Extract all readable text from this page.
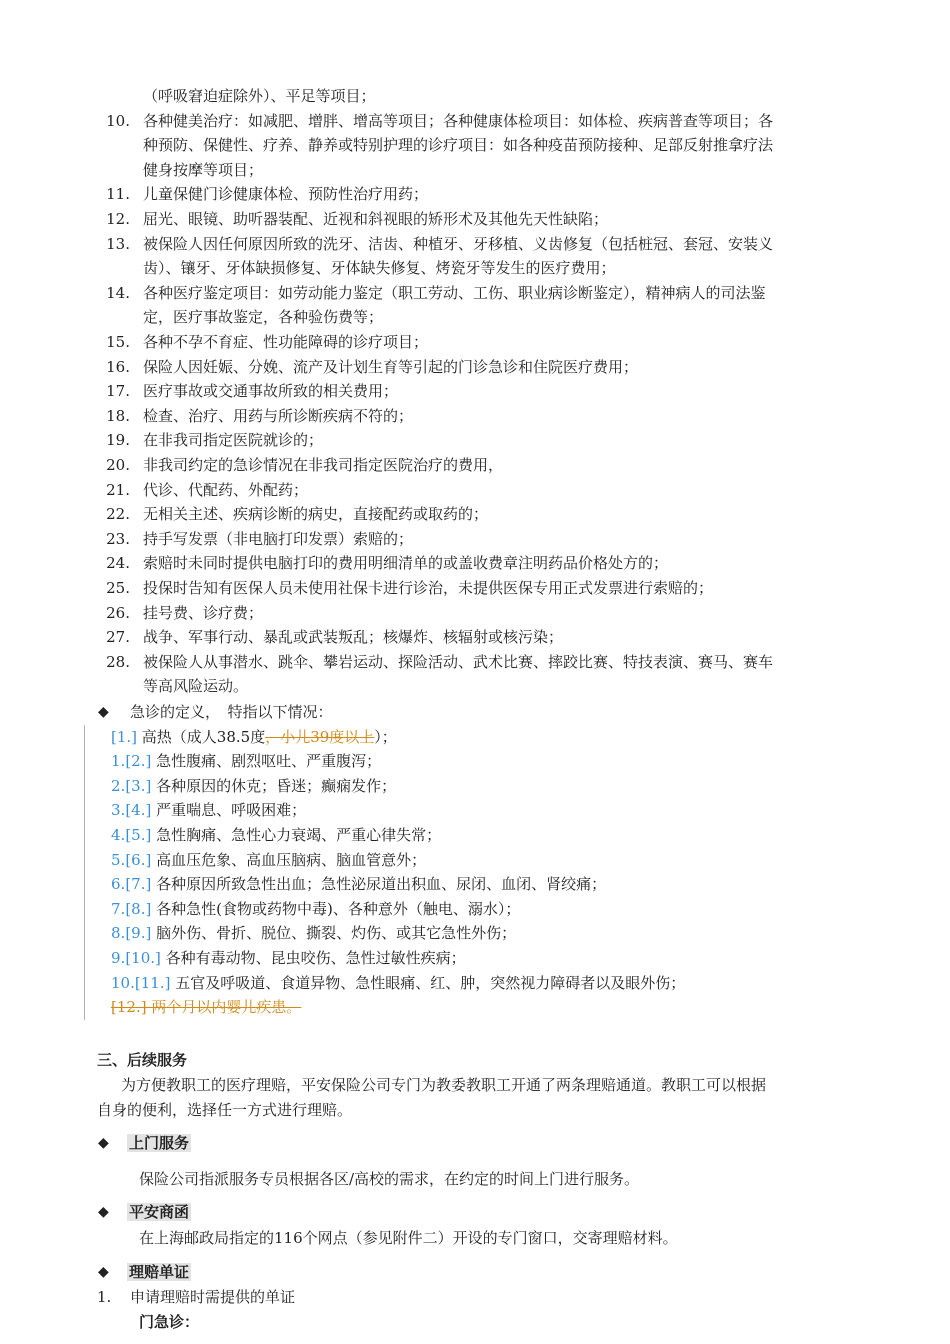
（呼吸窘迫症除外）、平足等项目；
10. 各种健美治疗：如减肥、增胖、增高等项目；各种健康体检项目：如体检、疾病普查等项目；各
种预防、保健性、疗养、静养或特别护理的诊疗项目：如各种疫苗预防接种、足部反射推拿疗法
健身按摩等项目；
11. 儿童保健门诊健康体检、预防性治疗用药；
12. 屈光、眼镜、助听器装配、近视和斜视眼的矫形术及其他先天性缺陷；
13. 被保险人因任何原因所致的洗牙、洁齿、种植牙、牙移植、义齿修复（包括桩冠、套冠、安装义
齿）、镶牙、牙体缺损修复、牙体缺失修复、烤瓷牙等发生的医疗费用；
14. 各种医疗鉴定项目：如劳动能力鉴定（职工劳动、工伤、职业病诊断鉴定），精神病人的司法鉴
定，医疗事故鉴定，各种验伤费等；
15. 各种不孕不育症、性功能障碍的诊疗项目；
16. 保险人因妊娠、分娩、流产及计划生育等引起的门诊急诊和住院医疗费用；
17. 医疗事故或交通事故所致的相关费用；
18. 检查、治疗、用药与所诊断疾病不符的；
19. 在非我司指定医院就诊的；
20. 非我司约定的急诊情况在非我司指定医院治疗的费用，
21. 代诊、代配药、外配药；
22. 无相关主述、疾病诊断的病史，直接配药或取药的；
23. 持手写发票（非电脑打印发票）索赔的；
24. 索赔时未同时提供电脑打印的费用明细清单的或盖收费章注明药品价格处方的；
25. 投保时告知有医保人员未使用社保卡进行诊治，未提供医保专用正式发票进行索赔的；
26. 挂号费、诊疗费；
27. 战争、军事行动、暴乱或武装叛乱；核爆炸、核辐射或核污染；
28. 被保险人从事潜水、跳伞、攀岩运动、探险活动、武术比赛、摔跤比赛、特技表演、赛马、赛车
等高风险运动。
◆ 急诊的定义，　特指以下情况：
[1.] 高热（成人38.5度，小儿39度以上）；
1.[2.] 急性腹痛、剧烈呕吐、严重腹泻；
2.[3.] 各种原因的休克；昏迷；癫痫发作；
3.[4.] 严重喘息、呼吸困难；
4.[5.] 急性胸痛、急性心力衰竭、严重心律失常；
5.[6.] 高血压危象、高血压脑病、脑血管意外；
6.[7.] 各种原因所致急性出血；急性泌尿道出积血、尿闭、血闭、肾绞痛；
7.[8.] 各种急性(食物或药物中毒)、各种意外（触电、溺水）；
8.[9.] 脑外伤、骨折、脱位、撕裂、灼伤、或其它急性外伤；
9.[10.] 各种有毒动物、昆虫咬伤、急性过敏性疾病；
10.[11.] 五官及呼吸道、食道异物、急性眼痛、红、肿，突然视力障碍者以及眼外伤；
[12.] 两个月以内婴儿疾患。
三、后续服务
为方便教职工的医疗理赔，平安保险公司专门为教委教职工开通了两条理赔通道。教职工可以根据
自身的便利，选择任一方式进行理赔。
◆ 上门服务
保险公司指派服务专员根据各区/高校的需求，在约定的时间上门进行服务。
◆ 平安商函
在上海邮政局指定的116个网点（参见附件二）开设的专门窗口，交寄理赔材料。
◆ 理赔单证
1. 申请理赔时需提供的单证
门急诊：
